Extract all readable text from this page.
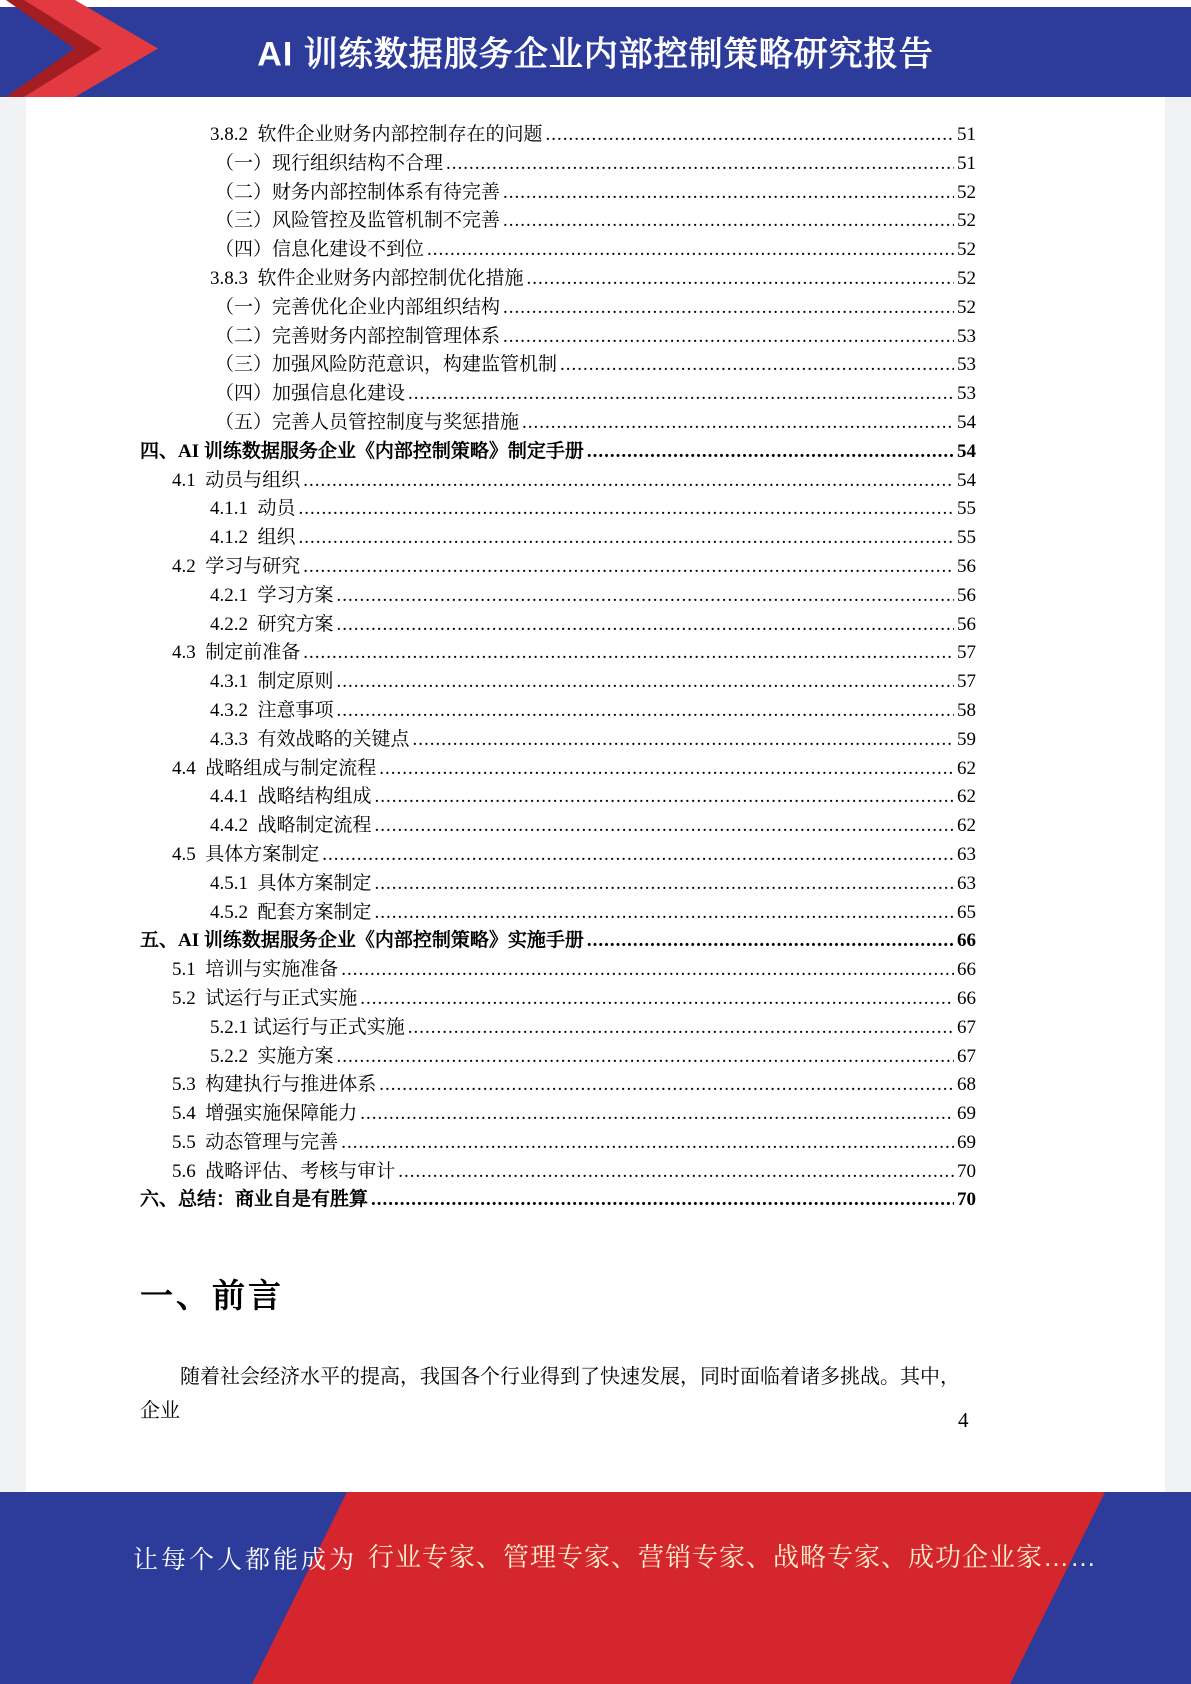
AI 训练数据服务企业内部控制策略研究报告
3.8.2  软件企业财务内部控制存在的问题 .....	51
（一）现行组织结构不合理 .....	51
（二）财务内部控制体系有待完善 .....	52
（三）风险管控及监管机制不完善 .....	52
（四）信息化建设不到位 .....	52
3.8.3  软件企业财务内部控制优化措施 .....	52
（一）完善优化企业内部组织结构 .....	52
（二）完善财务内部控制管理体系 .....	53
（三）加强风险防范意识，构建监管机制 .....	53
（四）加强信息化建设 .....	53
（五）完善人员管控制度与奖惩措施 .....	54
四、AI 训练数据服务企业《内部控制策略》制定手册 .....	54
4.1  动员与组织 .....	54
4.1.1  动员 .....	55
4.1.2  组织 .....	55
4.2  学习与研究 .....	56
4.2.1  学习方案 .....	56
4.2.2  研究方案 .....	56
4.3  制定前准备 .....	57
4.3.1  制定原则 .....	57
4.3.2  注意事项 .....	58
4.3.3  有效战略的关键点 .....	59
4.4  战略组成与制定流程 .....	62
4.4.1  战略结构组成 .....	62
4.4.2  战略制定流程 .....	62
4.5  具体方案制定 .....	63
4.5.1  具体方案制定 .....	63
4.5.2  配套方案制定 .....	65
五、AI 训练数据服务企业《内部控制策略》实施手册 .....	66
5.1  培训与实施准备 .....	66
5.2  试运行与正式实施 .....	66
5.2.1 试运行与正式实施 .....	67
5.2.2  实施方案 .....	67
5.3  构建执行与推进体系 .....	68
5.4  增强实施保障能力 .....	69
5.5  动态管理与完善 .....	69
5.6  战略评估、考核与审计 .....	70
六、总结：商业自是有胜算 .....	70
一、前言
随着社会经济水平的提高，我国各个行业得到了快速发展，同时面临着诸多挑战。其中，企业	4
让每个人都能成为 行业专家、管理专家、营销专家、战略专家、成功企业家……
